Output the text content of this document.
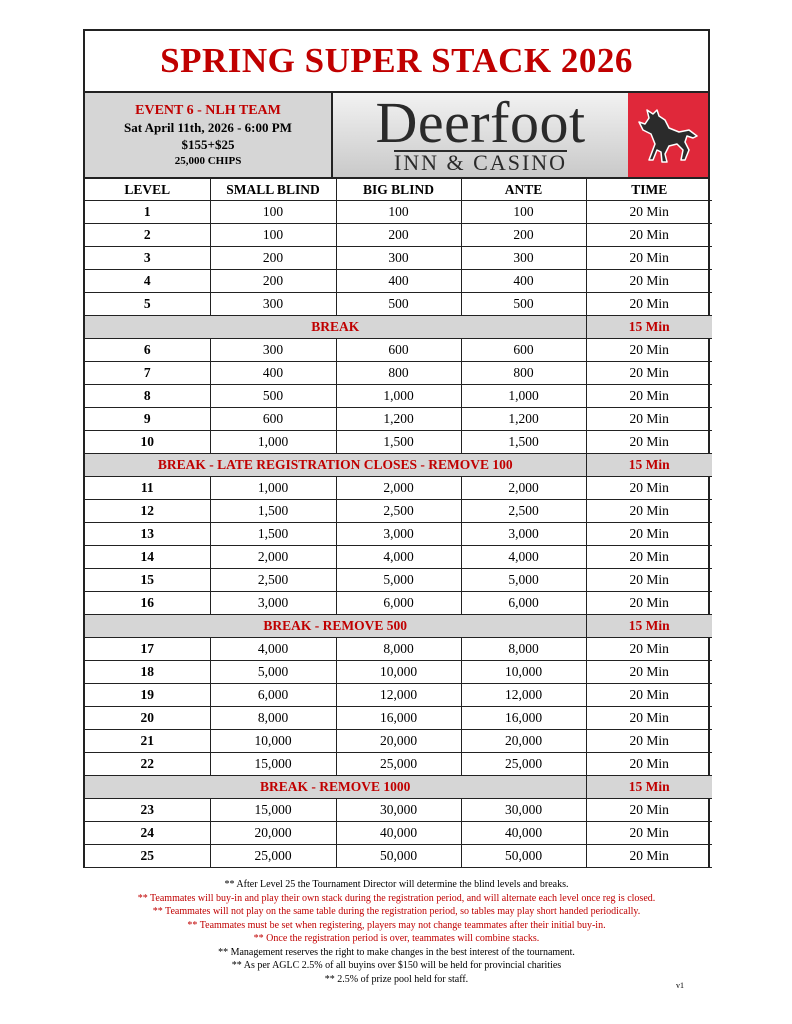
SPRING SUPER STACK 2026
EVENT 6 - NLH TEAM
Sat April 11th, 2026 - 6:00 PM
$155+$25
25,000 CHIPS
Deerfoot
INN & CASINO
LEVEL	SMALL BLIND	BIG BLIND	ANTE	TIME
1	100	100	100	20 Min
2	100	200	200	20 Min
3	200	300	300	20 Min
4	200	400	400	20 Min
5	300	500	500	20 Min
BREAK				15 Min
6	300	600	600	20 Min
7	400	800	800	20 Min
8	500	1,000	1,000	20 Min
9	600	1,200	1,200	20 Min
10	1,000	1,500	1,500	20 Min
BREAK - LATE REGISTRATION CLOSES - REMOVE 100				15 Min
11	1,000	2,000	2,000	20 Min
12	1,500	2,500	2,500	20 Min
13	1,500	3,000	3,000	20 Min
14	2,000	4,000	4,000	20 Min
15	2,500	5,000	5,000	20 Min
16	3,000	6,000	6,000	20 Min
BREAK - REMOVE 500				15 Min
17	4,000	8,000	8,000	20 Min
18	5,000	10,000	10,000	20 Min
19	6,000	12,000	12,000	20 Min
20	8,000	16,000	16,000	20 Min
21	10,000	20,000	20,000	20 Min
22	15,000	25,000	25,000	20 Min
BREAK - REMOVE 1000				15 Min
23	15,000	30,000	30,000	20 Min
24	20,000	40,000	40,000	20 Min
25	25,000	50,000	50,000	20 Min
** After Level 25 the Tournament Director will determine the blind levels and breaks.
** Teammates will buy-in and play their own stack during the registration period, and will alternate each level once reg is closed.
** Teammates will not play on the same table during the registration period, so tables may play short handed periodically.
** Teammates must be set when registering, players may not change teammates after their initial buy-in.
** Once the registration period is over, teammates will combine stacks.
** Management reserves the right to make changes in the best interest of the tournament.
** As per AGLC 2.5% of all buyins over $150 will be held for provincial charities
** 2.5% of prize pool held for staff.
v1
